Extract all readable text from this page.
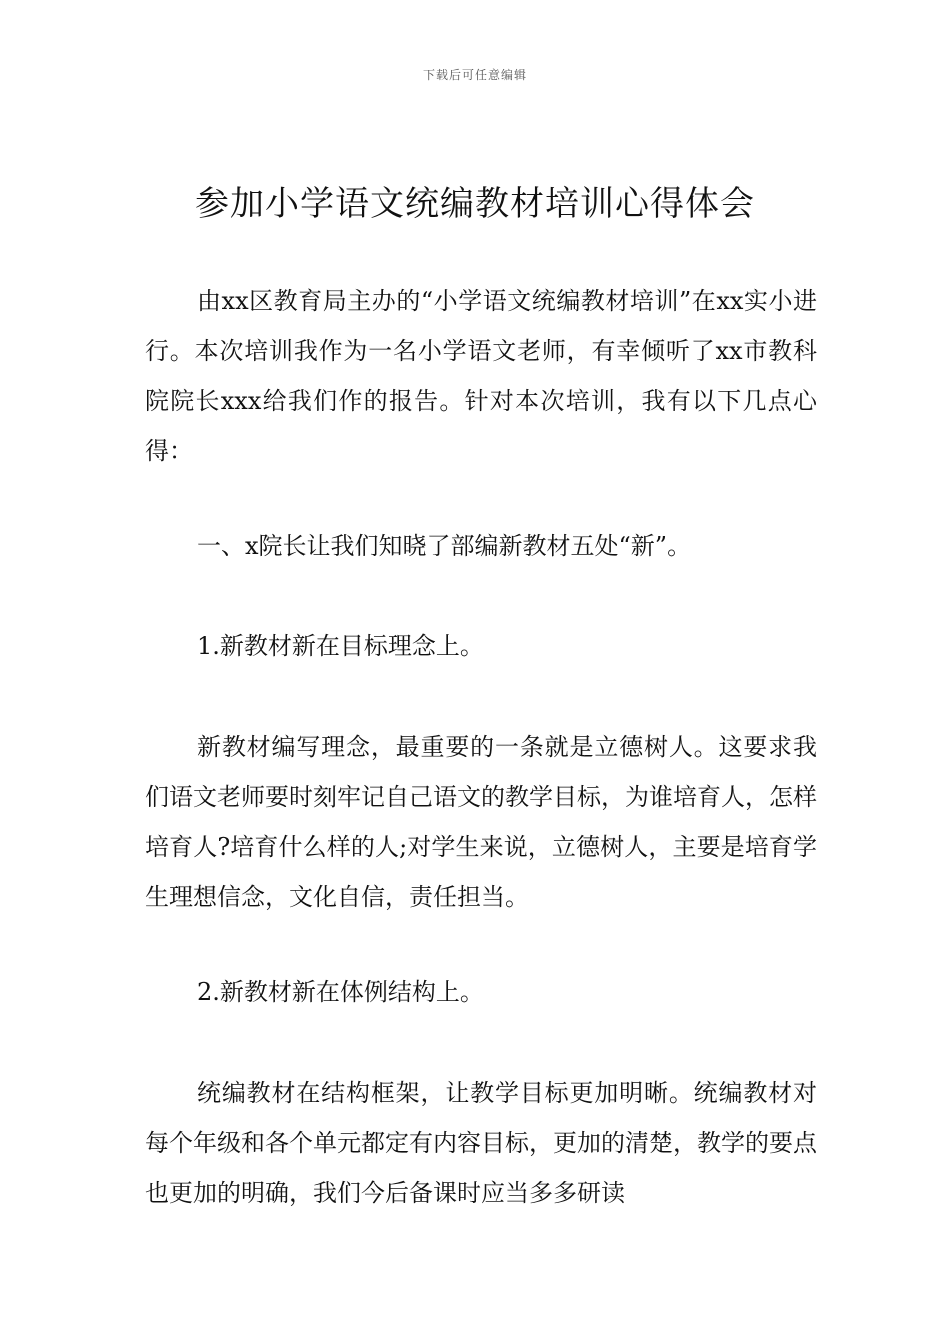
下载后可任意编辑
参加小学语文统编教材培训心得体会

由xx区教育局主办的“小学语文统编教材培训”在xx实小进行。本次培训我作为一名小学语文老师，有幸倾听了xx市教科院院长xxx给我们作的报告。针对本次培训，我有以下几点心得：

一、x院长让我们知晓了部编新教材五处“新”。

1.新教材新在目标理念上。

新教材编写理念，最重要的一条就是立德树人。这要求我们语文老师要时刻牢记自己语文的教学目标，为谁培育人，怎样培育人?培育什么样的人;对学生来说，立德树人，主要是培育学生理想信念，文化自信，责任担当。

2.新教材新在体例结构上。

统编教材在结构框架，让教学目标更加明晰。统编教材对每个年级和各个单元都定有内容目标，更加的清楚，教学的要点也更加的明确，我们今后备课时应当多多研读
